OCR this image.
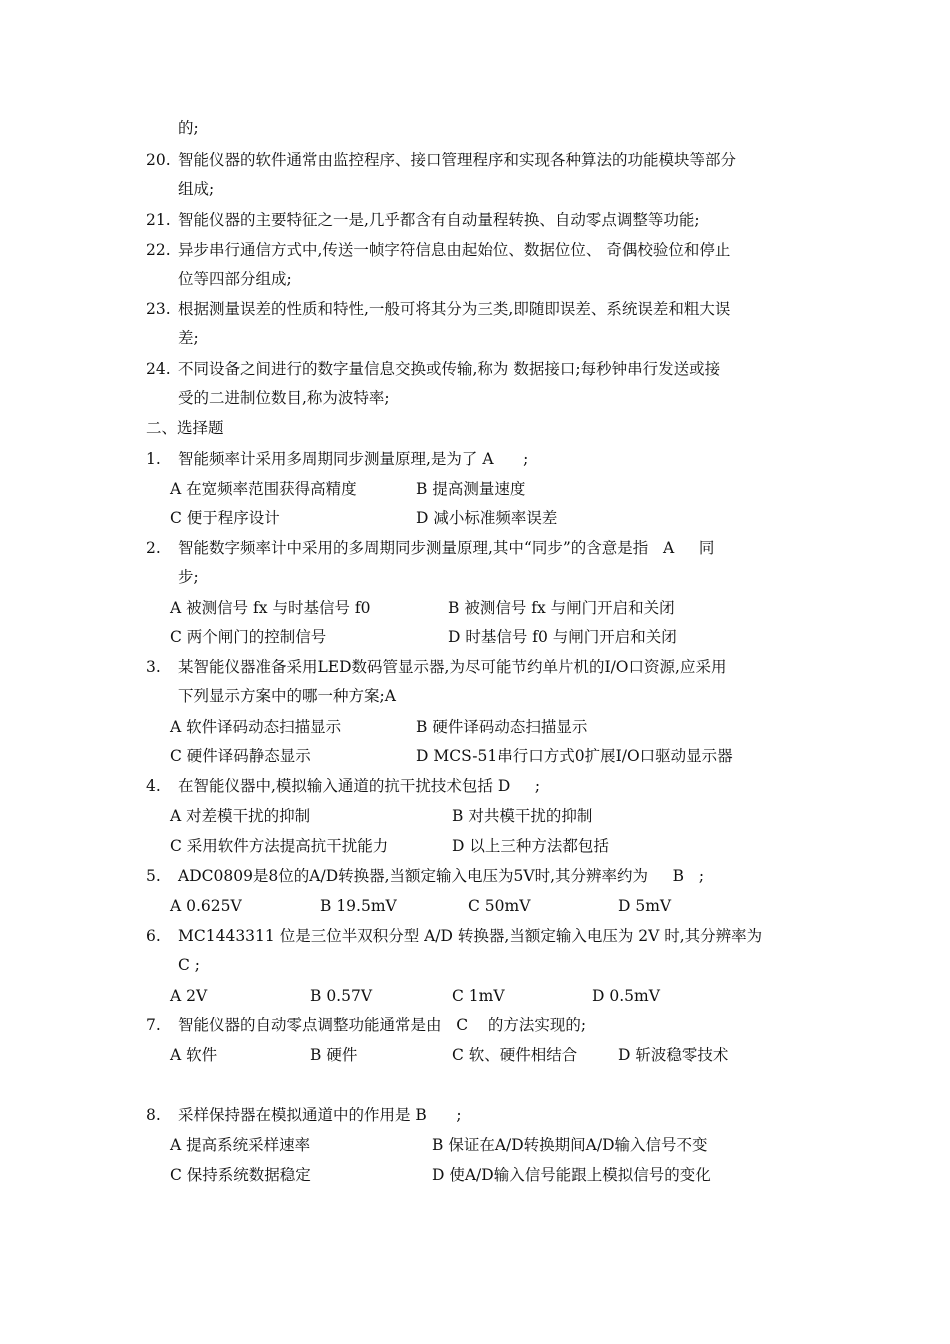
的;
20. 智能仪器的软件通常由监控程序、接口管理程序和实现各种算法的功能模块等部分
组成;
21. 智能仪器的主要特征之一是,几乎都含有自动量程转换、自动零点调整等功能;
22. 异步串行通信方式中,传送一帧字符信息由起始位、数据位位、 奇偶校验位和停止
位等四部分组成;
23. 根据测量误差的性质和特性,一般可将其分为三类,即随即误差、系统误差和粗大误
差;
24. 不同设备之间进行的数字量信息交换或传输,称为 数据接口;每秒钟串行发送或接
受的二进制位数目,称为波特率;
二、选择题
1. 智能频率计采用多周期同步测量原理,是为了 A      ;
A 在宽频率范围获得高精度	B 提高测量速度
C 便于程序设计	D 减小标准频率误差
2. 智能数字频率计中采用的多周期同步测量原理,其中“同步”的含意是指   A     同
步;
A 被测信号 fx 与时基信号 f0	B 被测信号 fx 与闸门开启和关闭
C 两个闸门的控制信号	D 时基信号 f0 与闸门开启和关闭
3. 某智能仪器准备采用LED数码管显示器,为尽可能节约单片机的I/O口资源,应采用
下列显示方案中的哪一种方案;A
A 软件译码动态扫描显示	B 硬件译码动态扫描显示
C 硬件译码静态显示	D MCS-51串行口方式0扩展I/O口驱动显示器
4. 在智能仪器中,模拟输入通道的抗干扰技术包括 D     ;
A 对差模干扰的抑制	B 对共模干扰的抑制
C 采用软件方法提高抗干扰能力	D 以上三种方法都包括
5. ADC0809是8位的A/D转换器,当额定输入电压为5V时,其分辨率约为     B   ;
A 0.625V	B 19.5mV	C 50mV	D 5mV
6. MC1443311 位是三位半双积分型 A/D 转换器,当额定输入电压为 2V 时,其分辨率为
C ;
A 2V	B 0.57V	C 1mV	D 0.5mV
7. 智能仪器的自动零点调整功能通常是由   C    的方法实现的;
A 软件	B 硬件	C 软、硬件相结合	D 斩波稳零技术
8. 采样保持器在模拟通道中的作用是 B      ;
A 提高系统采样速率	B 保证在A/D转换期间A/D输入信号不变
C 保持系统数据稳定	D 使A/D输入信号能跟上模拟信号的变化
